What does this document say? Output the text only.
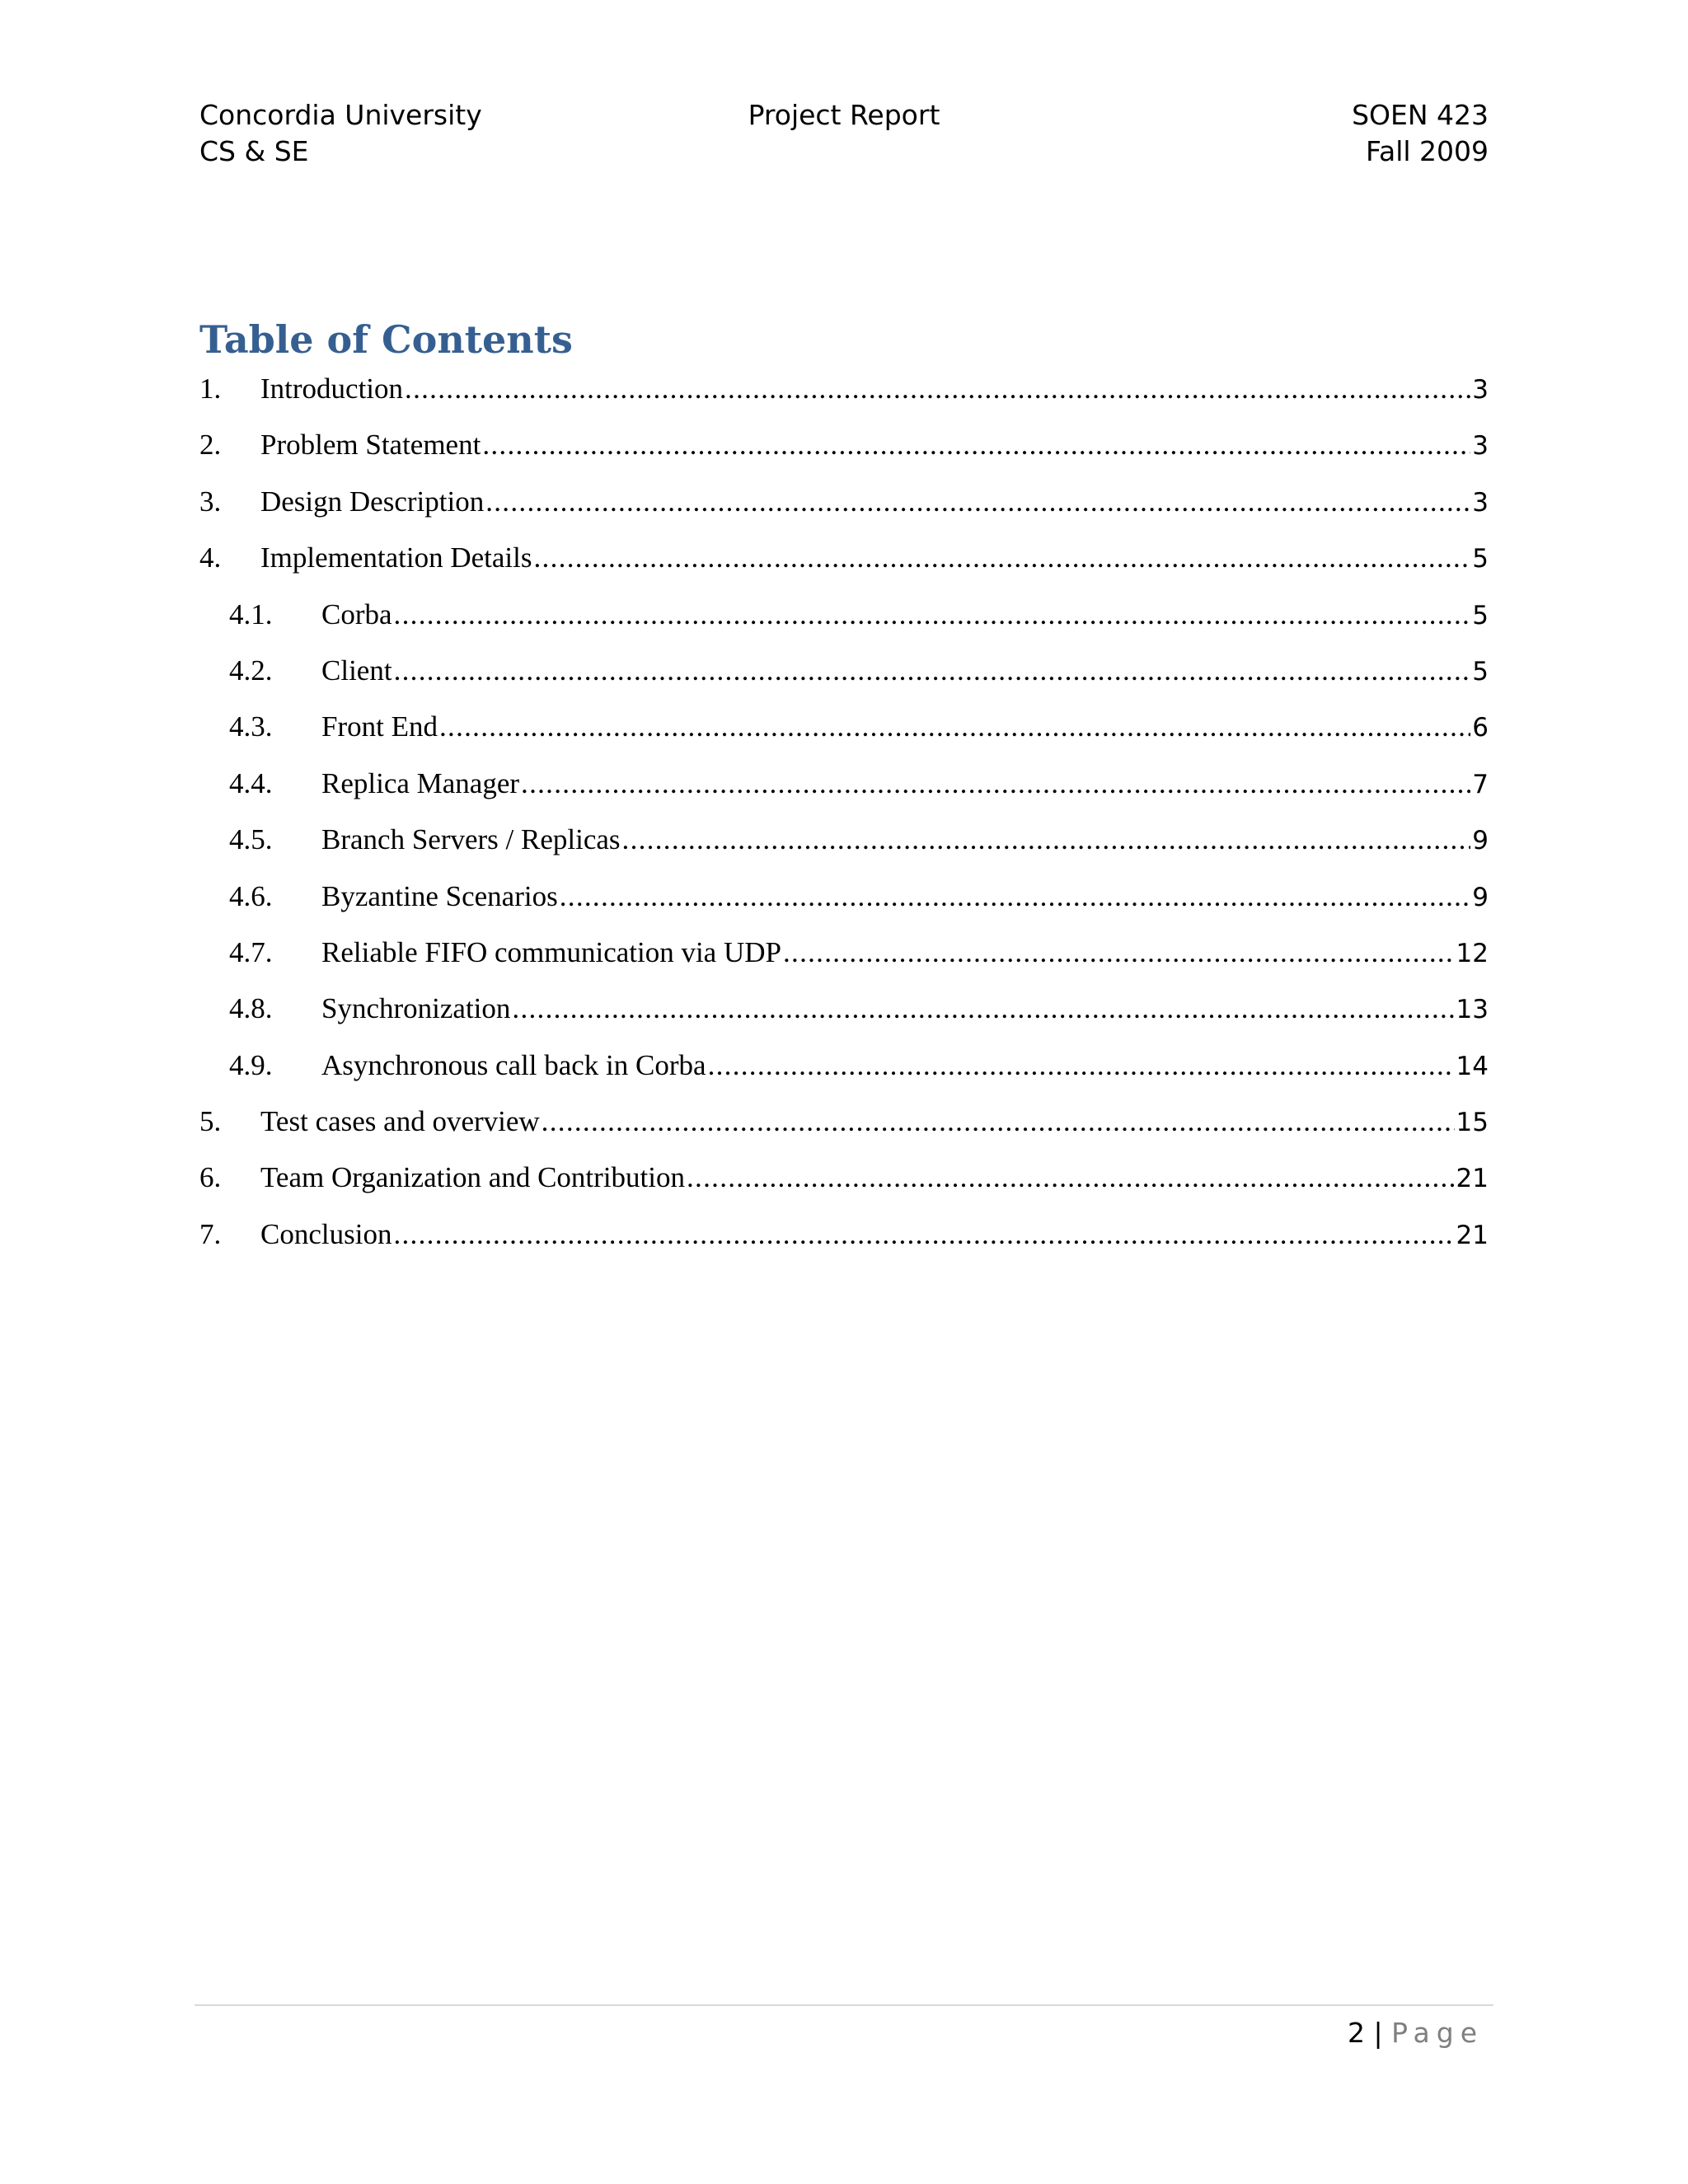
Concordia University
CS & SE
Project Report	SOEN 423
Fall 2009
Table of Contents
1.	Introduction .....	3
2.	Problem Statement .....	3
3.	Design Description .....	3
4.	Implementation Details .....	5
4.1.	Corba .....	5
4.2.	Client .....	5
4.3.	Front End .....	6
4.4.	Replica Manager .....	7
4.5.	Branch Servers / Replicas .....	9
4.6.	Byzantine Scenarios .....	9
4.7.	Reliable FIFO communication via UDP .....	12
4.8.	Synchronization .....	13
4.9.	Asynchronous call back in Corba .....	14
5.	Test cases and overview .....	15
6.	Team Organization and Contribution .....	21
7.	Conclusion .....	21
2 | Page
